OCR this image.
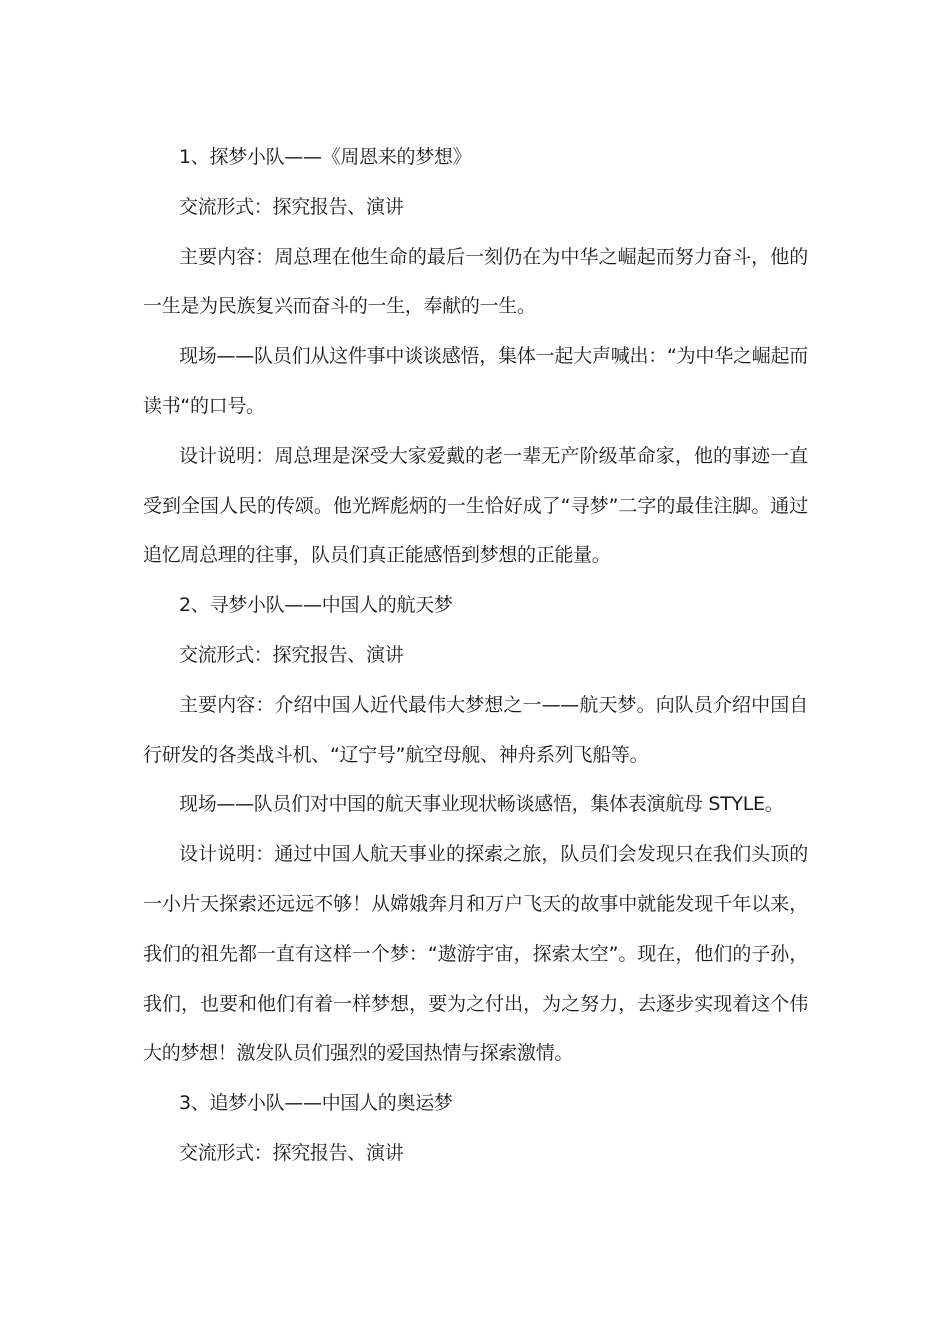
1、探梦小队——《周恩来的梦想》

交流形式：探究报告、演讲

主要内容：周总理在他生命的最后一刻仍在为中华之崛起而努力奋斗，他的一生是为民族复兴而奋斗的一生，奉献的一生。

现场——队员们从这件事中谈谈感悟，集体一起大声喊出：“为中华之崛起而读书“的口号。

设计说明：周总理是深受大家爱戴的老一辈无产阶级革命家，他的事迹一直受到全国人民的传颂。他光辉彪炳的一生恰好成了“寻梦”二字的最佳注脚。通过追忆周总理的往事，队员们真正能感悟到梦想的正能量。

2、寻梦小队——中国人的航天梦

交流形式：探究报告、演讲

主要内容：介绍中国人近代最伟大梦想之一——航天梦。向队员介绍中国自行研发的各类战斗机、“辽宁号”航空母舰、神舟系列飞船等。

现场——队员们对中国的航天事业现状畅谈感悟，集体表演航母 STYLE。

设计说明：通过中国人航天事业的探索之旅，队员们会发现只在我们头顶的一小片天探索还远远不够！从嫦娥奔月和万户飞天的故事中就能发现千年以来，我们的祖先都一直有这样一个梦：“遨游宇宙，探索太空”。现在，他们的子孙，我们，也要和他们有着一样梦想，要为之付出，为之努力，去逐步实现着这个伟大的梦想！激发队员们强烈的爱国热情与探索激情。

3、追梦小队——中国人的奥运梦

交流形式：探究报告、演讲
